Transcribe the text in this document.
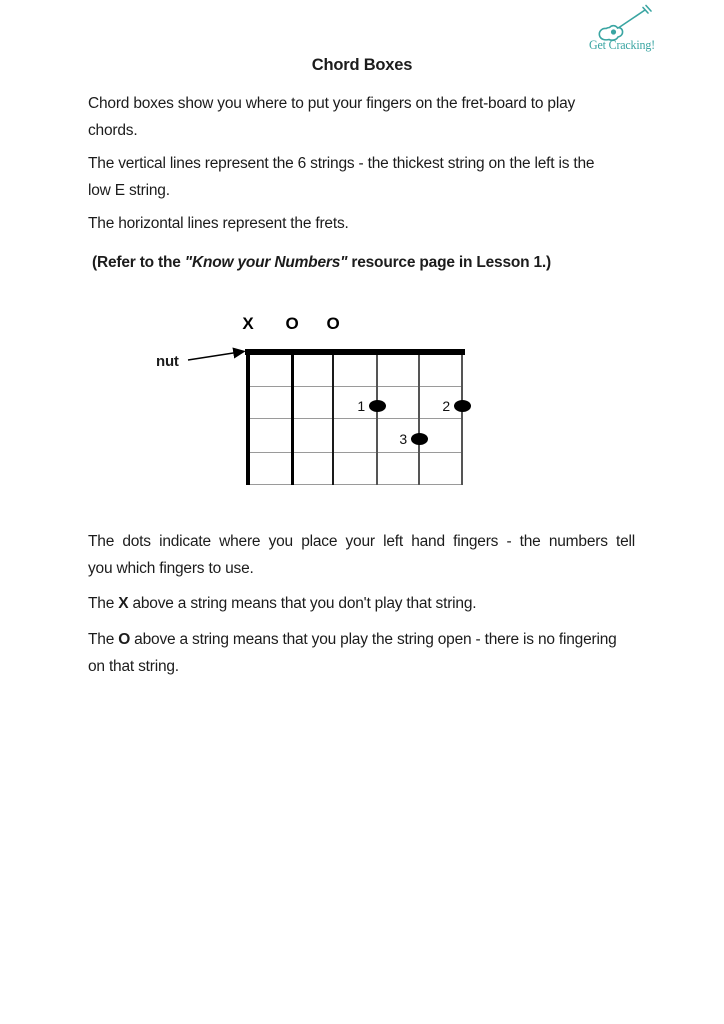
Get Cracking!
Chord Boxes
Chord boxes show you where to put your fingers on the fret-board to play
chords.
The vertical lines represent the 6 strings - the thickest string on the left is the
low E string.
The horizontal lines represent the frets.
(Refer to the "Know your Numbers" resource page in Lesson 1.)
nut
X	O	O
1	2
3
The dots indicate where you place your left hand fingers - the numbers tell
you which fingers to use.
The X above a string means that you don't play that string.
The O above a string means that you play the string open - there is no fingering
on that string.
